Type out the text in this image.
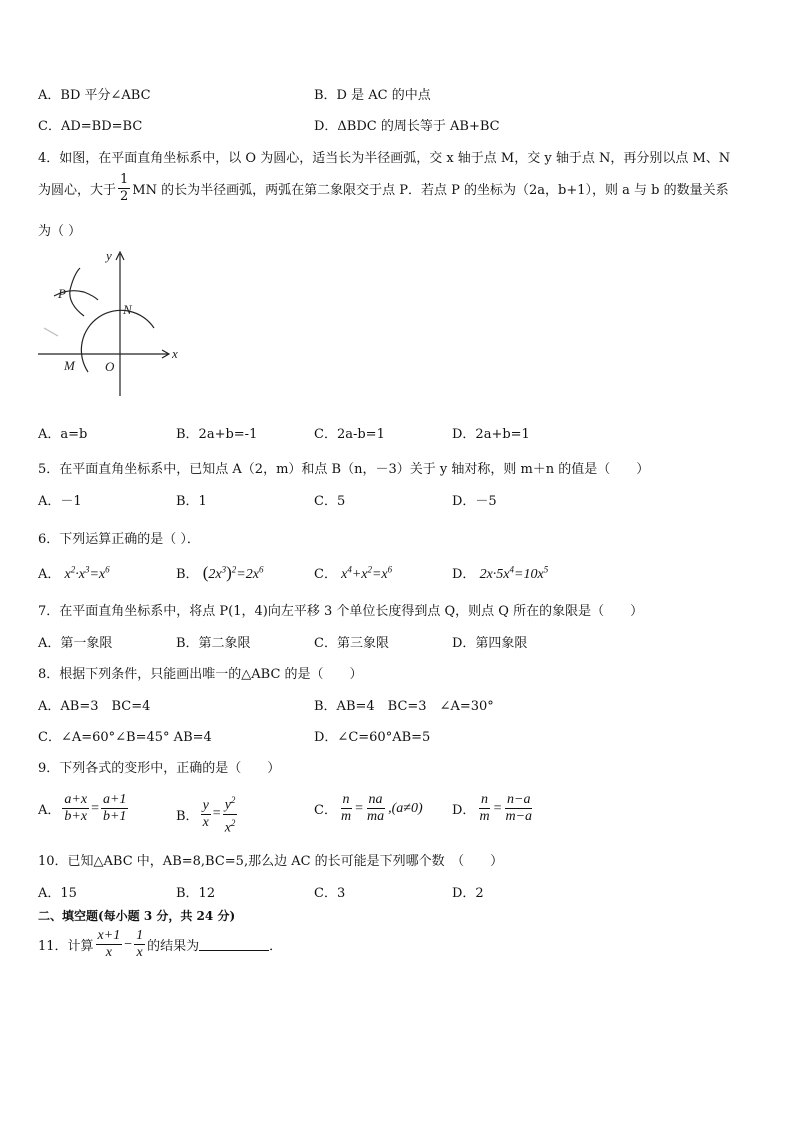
A．BD 平分∠ABC	B．D 是 AC 的中点
C．AD=BD=BC	D．ΔBDC 的周长等于 AB+BC
4．如图，在平面直角坐标系中，以 O 为圆心，适当长为半径画弧，交 x 轴于点 M，交 y 轴于点 N，再分别以点 M、N
为圆心，大于 $\frac{1}{2}$ MN 的长为半径画弧，两弧在第二象限交于点 P．若点 P 的坐标为（2a，b+1），则 a 与 b 的数量关系
为（ ）
y
x
P
N
M O
A．a=b	B．2a+b=-1	C．2a-b=1	D．2a+b=1
5．在平面直角坐标系中，已知点 A（2，m）和点 B（n，－3）关于 y 轴对称，则 m＋n 的值是（　　）
A．－1	B．1	C．5	D．－5
6．下列运算正确的是（ ）．
A． $x^2\cdot x^3=x^6$	B． $(2x^3)^2=2x^6$	C． $x^4+x^2=x^6$	D． $2x\cdot 5x^4=10x^5$
7．在平面直角坐标系中，将点 P(1，4)向左平移 3 个单位长度得到点 Q，则点 Q 所在的象限是（　　）
A．第一象限	B．第二象限	C．第三象限	D．第四象限
8．根据下列条件，只能画出唯一的△ABC 的是（　　）
A．AB=3　BC=4	B．AB=4　BC=3　∠A=30°
C．∠A=60°∠B=45° AB=4	D．∠C=60°AB=5
9．下列各式的变形中，正确的是（　　）
A． $\frac{a+x}{b+x} = \frac{a+1}{b+1}$	B． $\frac{y}{x} = \frac{y^2}{x^2}$	C． $\frac{n}{m} = \frac{na}{ma} ,(a\ne 0)$ D． $\frac{n}{m} = \frac{n-a}{m-a}$
10．已知△ABC 中，AB=8,BC=5,那么边 AC 的长可能是下列哪个数　（　　）
A．15	B．12	C．3	D．2
二、填空题(每小题 3 分，共 24 分)
11．计算 $\frac{x+1}{x} - \frac{1}{x}$ 的结果为	．
